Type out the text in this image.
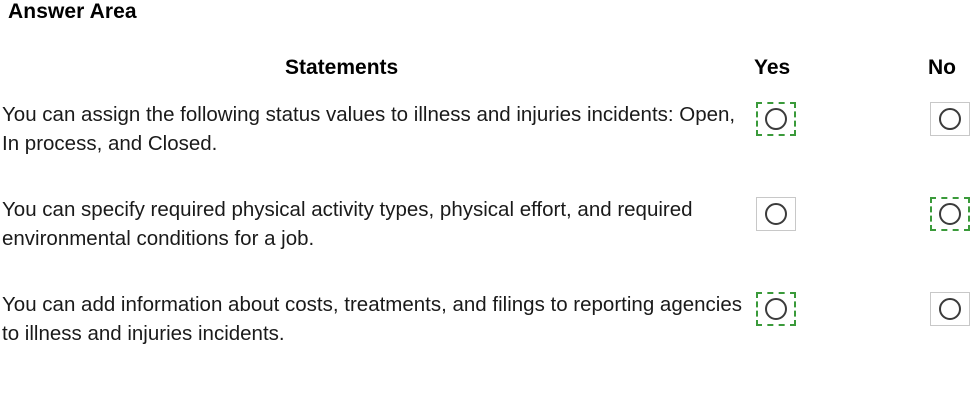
Answer Area
Statements	Yes	No
You can assign the following status values to illness and injuries incidents: Open, In process, and Closed.
You can specify required physical activity types, physical effort, and required environmental conditions for a job.
You can add information about costs, treatments, and filings to reporting agencies to illness and injuries incidents.
